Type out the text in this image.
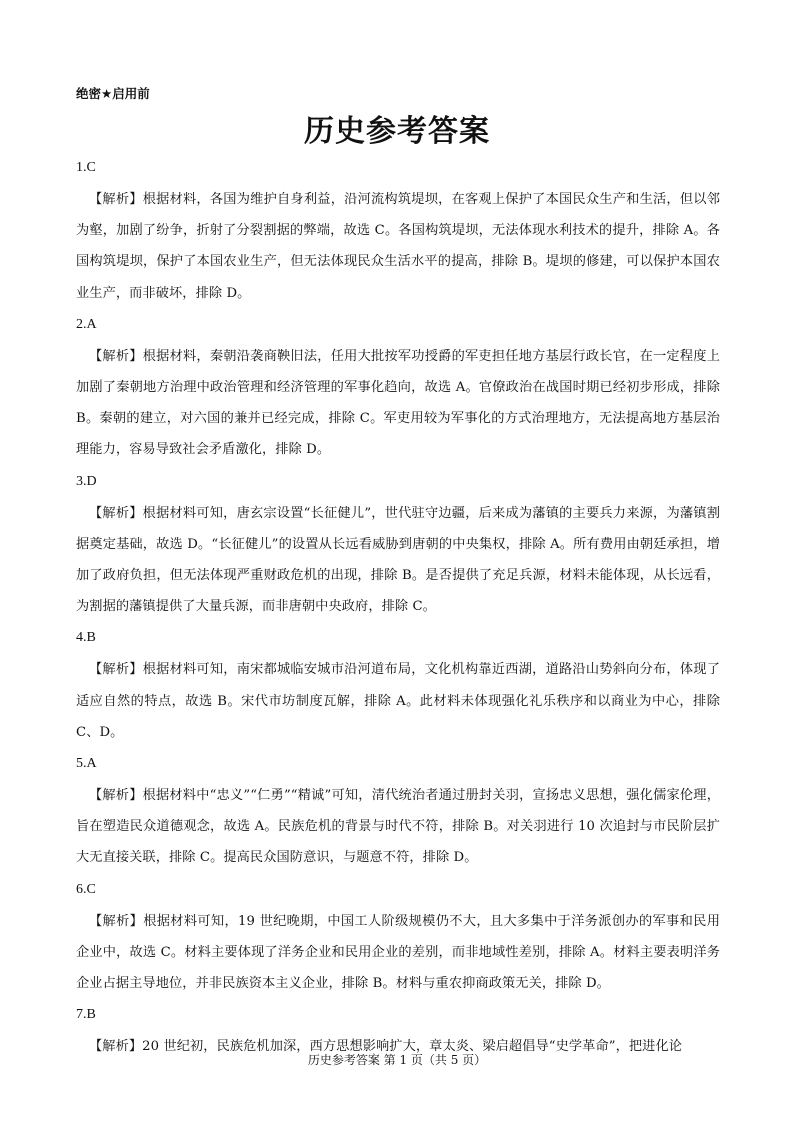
绝密★启用前
历史参考答案
1.C

【解析】根据材料，各国为维护自身利益，沿河流构筑堤坝，在客观上保护了本国民众生产和生活，但以邻为壑，加剧了纷争，折射了分裂割据的弊端，故选 C。各国构筑堤坝，无法体现水利技术的提升，排除 A。各国构筑堤坝，保护了本国农业生产，但无法体现民众生活水平的提高，排除 B。堤坝的修建，可以保护本国农业生产，而非破坏，排除 D。

2.A

【解析】根据材料，秦朝沿袭商鞅旧法，任用大批按军功授爵的军吏担任地方基层行政长官，在一定程度上加剧了秦朝地方治理中政治管理和经济管理的军事化趋向，故选 A。官僚政治在战国时期已经初步形成，排除 B。秦朝的建立，对六国的兼并已经完成，排除 C。军吏用较为军事化的方式治理地方，无法提高地方基层治理能力，容易导致社会矛盾激化，排除 D。

3.D

【解析】根据材料可知，唐玄宗设置“长征健儿”，世代驻守边疆，后来成为藩镇的主要兵力来源，为藩镇割据奠定基础，故选 D。“长征健儿”的设置从长远看威胁到唐朝的中央集权，排除 A。所有费用由朝廷承担，增加了政府负担，但无法体现严重财政危机的出现，排除 B。是否提供了充足兵源，材料未能体现，从长远看，为割据的藩镇提供了大量兵源，而非唐朝中央政府，排除 C。

4.B

【解析】根据材料可知，南宋都城临安城市沿河道布局，文化机构靠近西湖，道路沿山势斜向分布，体现了适应自然的特点，故选 B。宋代市坊制度瓦解，排除 A。此材料未体现强化礼乐秩序和以商业为中心，排除 C、D。

5.A

【解析】根据材料中“忠义”“仁勇”“精诚”可知，清代统治者通过册封关羽，宣扬忠义思想，强化儒家伦理，旨在塑造民众道德观念，故选 A。民族危机的背景与时代不符，排除 B。对关羽进行 10 次追封与市民阶层扩大无直接关联，排除 C。提高民众国防意识，与题意不符，排除 D。

6.C

【解析】根据材料可知，19 世纪晚期，中国工人阶级规模仍不大，且大多集中于洋务派创办的军事和民用企业中，故选 C。材料主要体现了洋务企业和民用企业的差别，而非地域性差别，排除 A。材料主要表明洋务企业占据主导地位，并非民族资本主义企业，排除 B。材料与重农抑商政策无关，排除 D。

7.B

【解析】20 世纪初，民族危机加深，西方思想影响扩大，章太炎、梁启超倡导“史学革命”，把进化论

历史参考答案 第 1 页（共 5 页）
